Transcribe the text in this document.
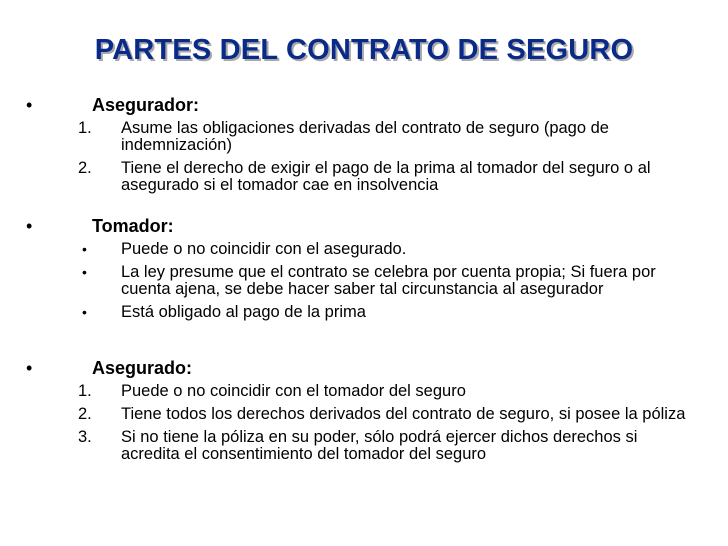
PARTES DEL CONTRATO DE SEGURO
•	Asegurador:
1. Asume las obligaciones derivadas del contrato de seguro (pago de indemnización)
2. Tiene el derecho de exigir el pago de la prima al tomador del seguro o al asegurado si el tomador cae en insolvencia
•	Tomador:
• Puede o no coincidir con el asegurado.
• La ley presume que el contrato se celebra por cuenta propia; Si fuera por cuenta ajena, se debe hacer saber tal circunstancia al asegurador
• Está obligado al pago de la prima
•	Asegurado:
1. Puede o no coincidir con el tomador del seguro
2. Tiene todos los derechos derivados del contrato de seguro, si posee la póliza
3. Si no tiene la póliza en su poder, sólo podrá ejercer dichos derechos si acredita el consentimiento del tomador del seguro
